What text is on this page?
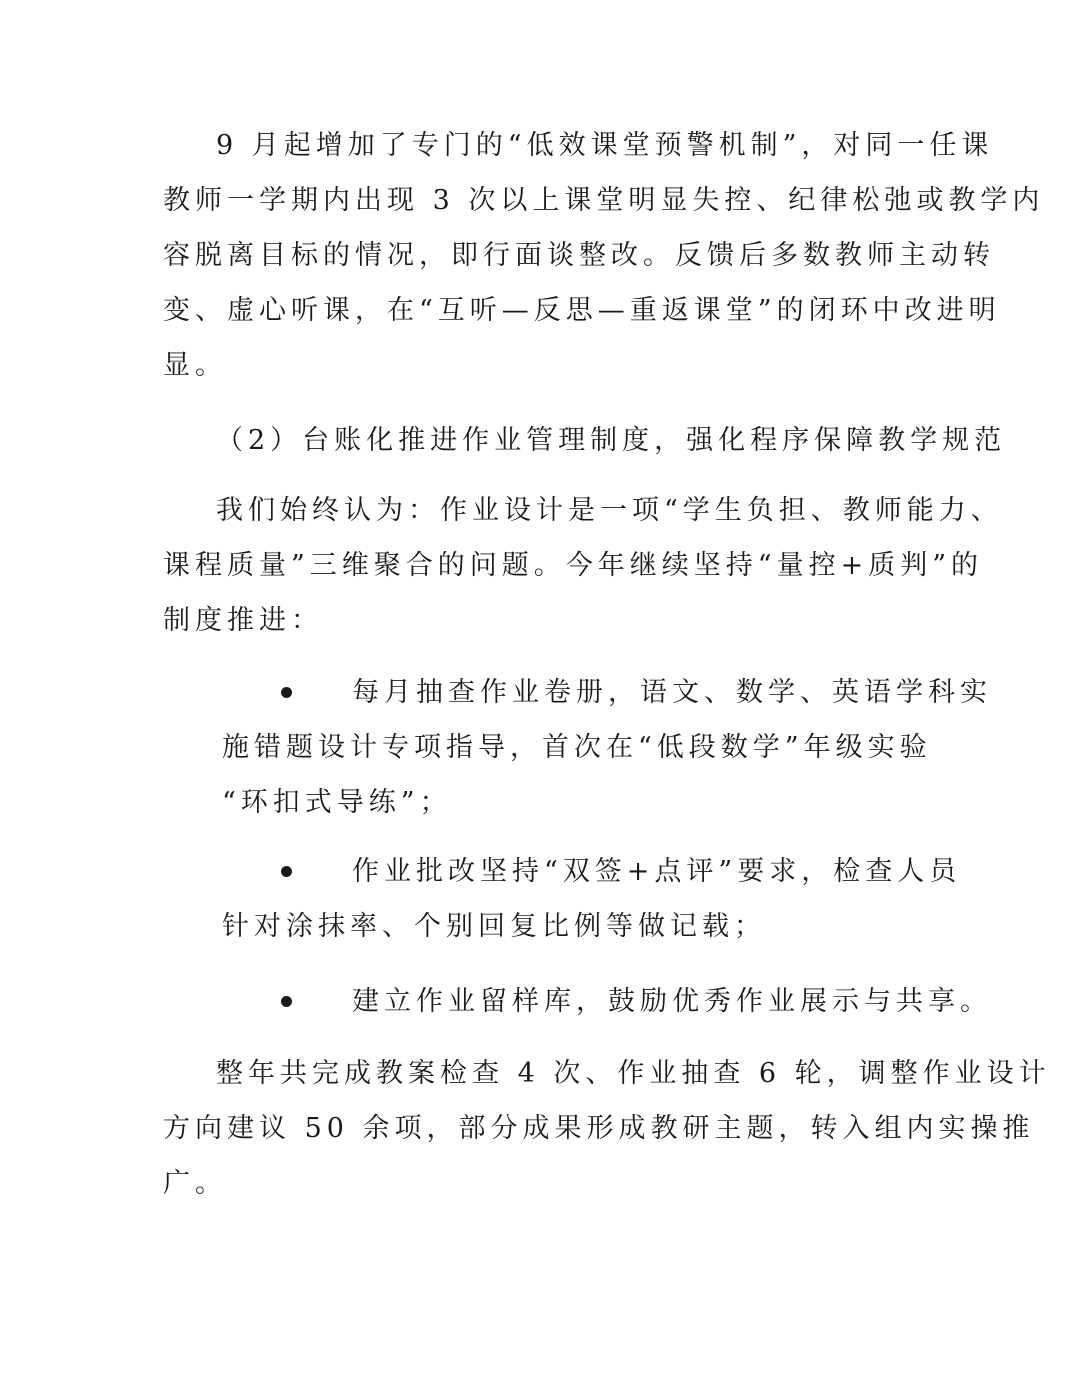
9 月起增加了专门的“低效课堂预警机制”，对同一任课
教师一学期内出现 3 次以上课堂明显失控、纪律松弛或教学内
容脱离目标的情况，即行面谈整改。反馈后多数教师主动转
变、虚心听课，在“互听—反思—重返课堂”的闭环中改进明
显。
（2）台账化推进作业管理制度，强化程序保障教学规范
我们始终认为：作业设计是一项“学生负担、教师能力、
课程质量”三维聚合的问题。今年继续坚持“量控+质判”的
制度推进：
每月抽查作业卷册，语文、数学、英语学科实
施错题设计专项指导，首次在“低段数学”年级实验
“环扣式导练”；
作业批改坚持“双签+点评”要求，检查人员
针对涂抹率、个别回复比例等做记载；
建立作业留样库，鼓励优秀作业展示与共享。
整年共完成教案检查 4 次、作业抽查 6 轮，调整作业设计
方向建议 50 余项，部分成果形成教研主题，转入组内实操推
广。
